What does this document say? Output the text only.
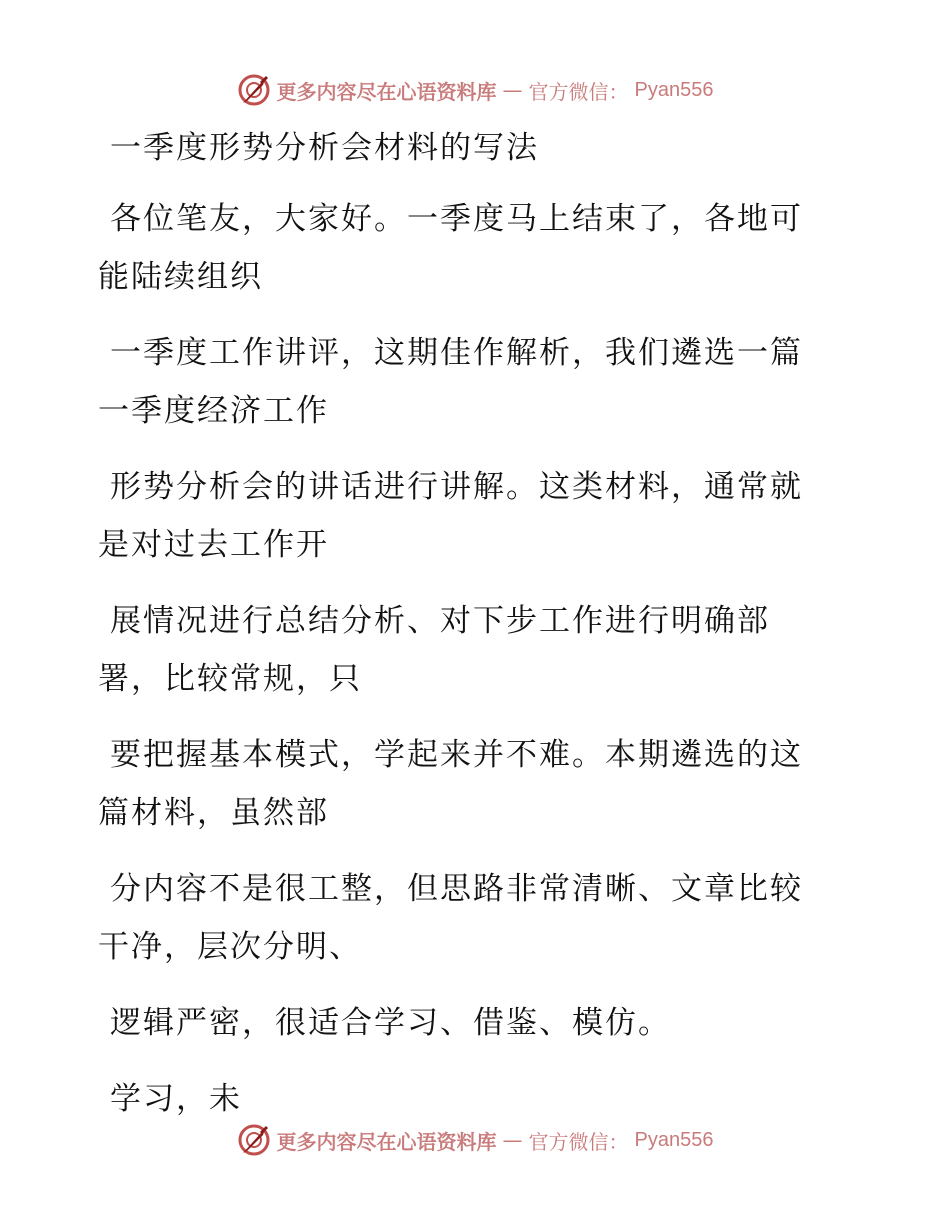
更多内容尽在心语资料库 — 官方微信： Pyan556
一季度形势分析会材料的写法
各位笔友，大家好。一季度马上结束了，各地可
能陆续组织
一季度工作讲评，这期佳作解析，我们遴选一篇
一季度经济工作
形势分析会的讲话进行讲解。这类材料，通常就
是对过去工作开
展情况进行总结分析、对下步工作进行明确部
署，比较常规，只
要把握基本模式，学起来并不难。本期遴选的这
篇材料，虽然部
分内容不是很工整，但思路非常清晰、文章比较
干净，层次分明、
逻辑严密，很适合学习、借鉴、模仿。
学习，未
更多内容尽在心语资料库 — 官方微信： Pyan556
